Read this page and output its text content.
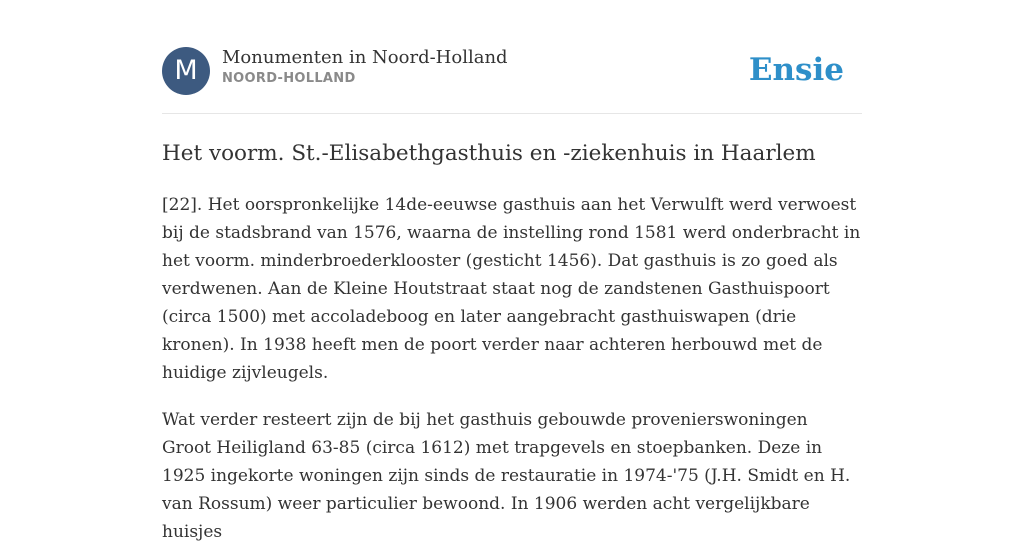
M	Monumenten in Noord-Holland
NOORD-HOLLAND	Ensie
Het voorm. St.-Elisabethgasthuis en -ziekenhuis in Haarlem

[22]. Het oorspronkelijke 14de-eeuwse gasthuis aan het Verwulft werd verwoest bij de stadsbrand van 1576, waarna de instelling rond 1581 werd onderbracht in het voorm. minderbroederklooster (gesticht 1456). Dat gasthuis is zo goed als verdwenen. Aan de Kleine Houtstraat staat nog de zandstenen Gasthuispoort (circa 1500) met accoladeboog en later aangebracht gasthuiswapen (drie kronen). In 1938 heeft men de poort verder naar achteren herbouwd met de huidige zijvleugels.

Wat verder resteert zijn de bij het gasthuis gebouwde provenierswoningen Groot Heiligland 63-85 (circa 1612) met trapgevels en stoepbanken. Deze in 1925 ingekorte woningen zijn sinds de restauratie in 1974-'75 (J.H. Smidt en H. van Rossum) weer particulier bewoond. In 1906 werden acht vergelijkbare huisjes
